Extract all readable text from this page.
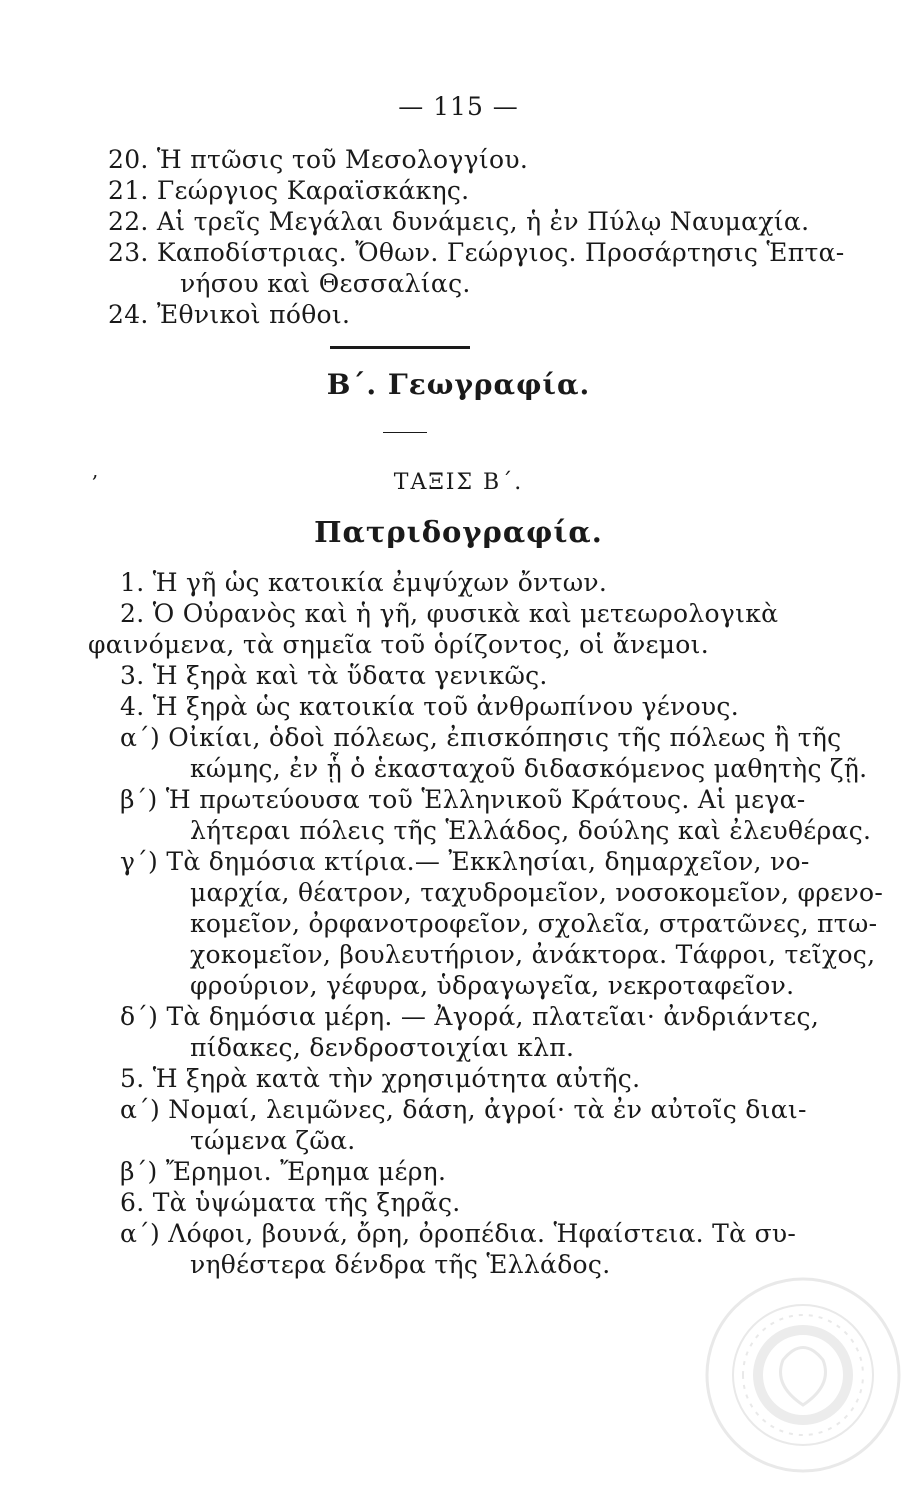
— 115 —
20. Ἡ πτῶσις τοῦ Μεσολογγίου.
21. Γεώργιος Καραϊσκάκης.
22. Αἱ τρεῖς Μεγάλαι δυνάμεις, ἡ ἐν Πύλῳ Ναυμαχία.
23. Καποδίστριας. Ὄθων. Γεώργιος. Προσάρτησις Ἑπτα-
νήσου καὶ Θεσσαλίας.
24. Ἐθνικοὶ πόθοι.
Β΄. Γεωγραφία.
,	ΤΑΞΙΣ Β΄.
Πατριδογραφία.
1. Ἡ γῆ ὡς κατοικία ἐμψύχων ὄντων.
2. Ὁ Οὐρανὸς καὶ ἡ γῆ, φυσικὰ καὶ μετεωρολογικὰ
φαινόμενα, τὰ σημεῖα τοῦ ὁρίζοντος, οἱ ἄνεμοι.
3. Ἡ ξηρὰ καὶ τὰ ὕδατα γενικῶς.
4. Ἡ ξηρὰ ὡς κατοικία τοῦ ἀνθρωπίνου γένους.
α΄) Οἰκίαι, ὁδοὶ πόλεως, ἐπισκόπησις τῆς πόλεως ἢ τῆς
κώμης, ἐν ᾗ ὁ ἑκασταχοῦ διδασκόμενος μαθητὴς ζῇ.
β΄) Ἡ πρωτεύουσα τοῦ Ἑλληνικοῦ Κράτους. Αἱ μεγα-
λήτεραι πόλεις τῆς Ἑλλάδος, δούλης καὶ ἐλευθέρας.
γ΄) Τὰ δημόσια κτίρια.— Ἐκκλησίαι, δημαρχεῖον, νο-
μαρχία, θέατρον, ταχυδρομεῖον, νοσοκομεῖον, φρενο-
κομεῖον, ὀρφανοτροφεῖον, σχολεῖα, στρατῶνες, πτω-
χοκομεῖον, βουλευτήριον, ἀνάκτορα. Τάφροι, τεῖχος,
φρούριον, γέφυρα, ὑδραγωγεῖα, νεκροταφεῖον.
δ΄) Τὰ δημόσια μέρη. — Ἀγορά, πλατεῖαι· ἀνδριάντες,
πίδακες, δενδροστοιχίαι κλπ.
5. Ἡ ξηρὰ κατὰ τὴν χρησιμότητα αὐτῆς.
α΄) Νομαί, λειμῶνες, δάση, ἀγροί· τὰ ἐν αὐτοῖς διαι-
τώμενα ζῶα.
β΄) Ἔρημοι. Ἔρημα μέρη.
6. Τὰ ὑψώματα τῆς ξηρᾶς.
α΄) Λόφοι, βουνά, ὄρη, ὀροπέδια. Ἡφαίστεια. Τὰ συ-
νηθέστερα δένδρα τῆς Ἑλλάδος.
